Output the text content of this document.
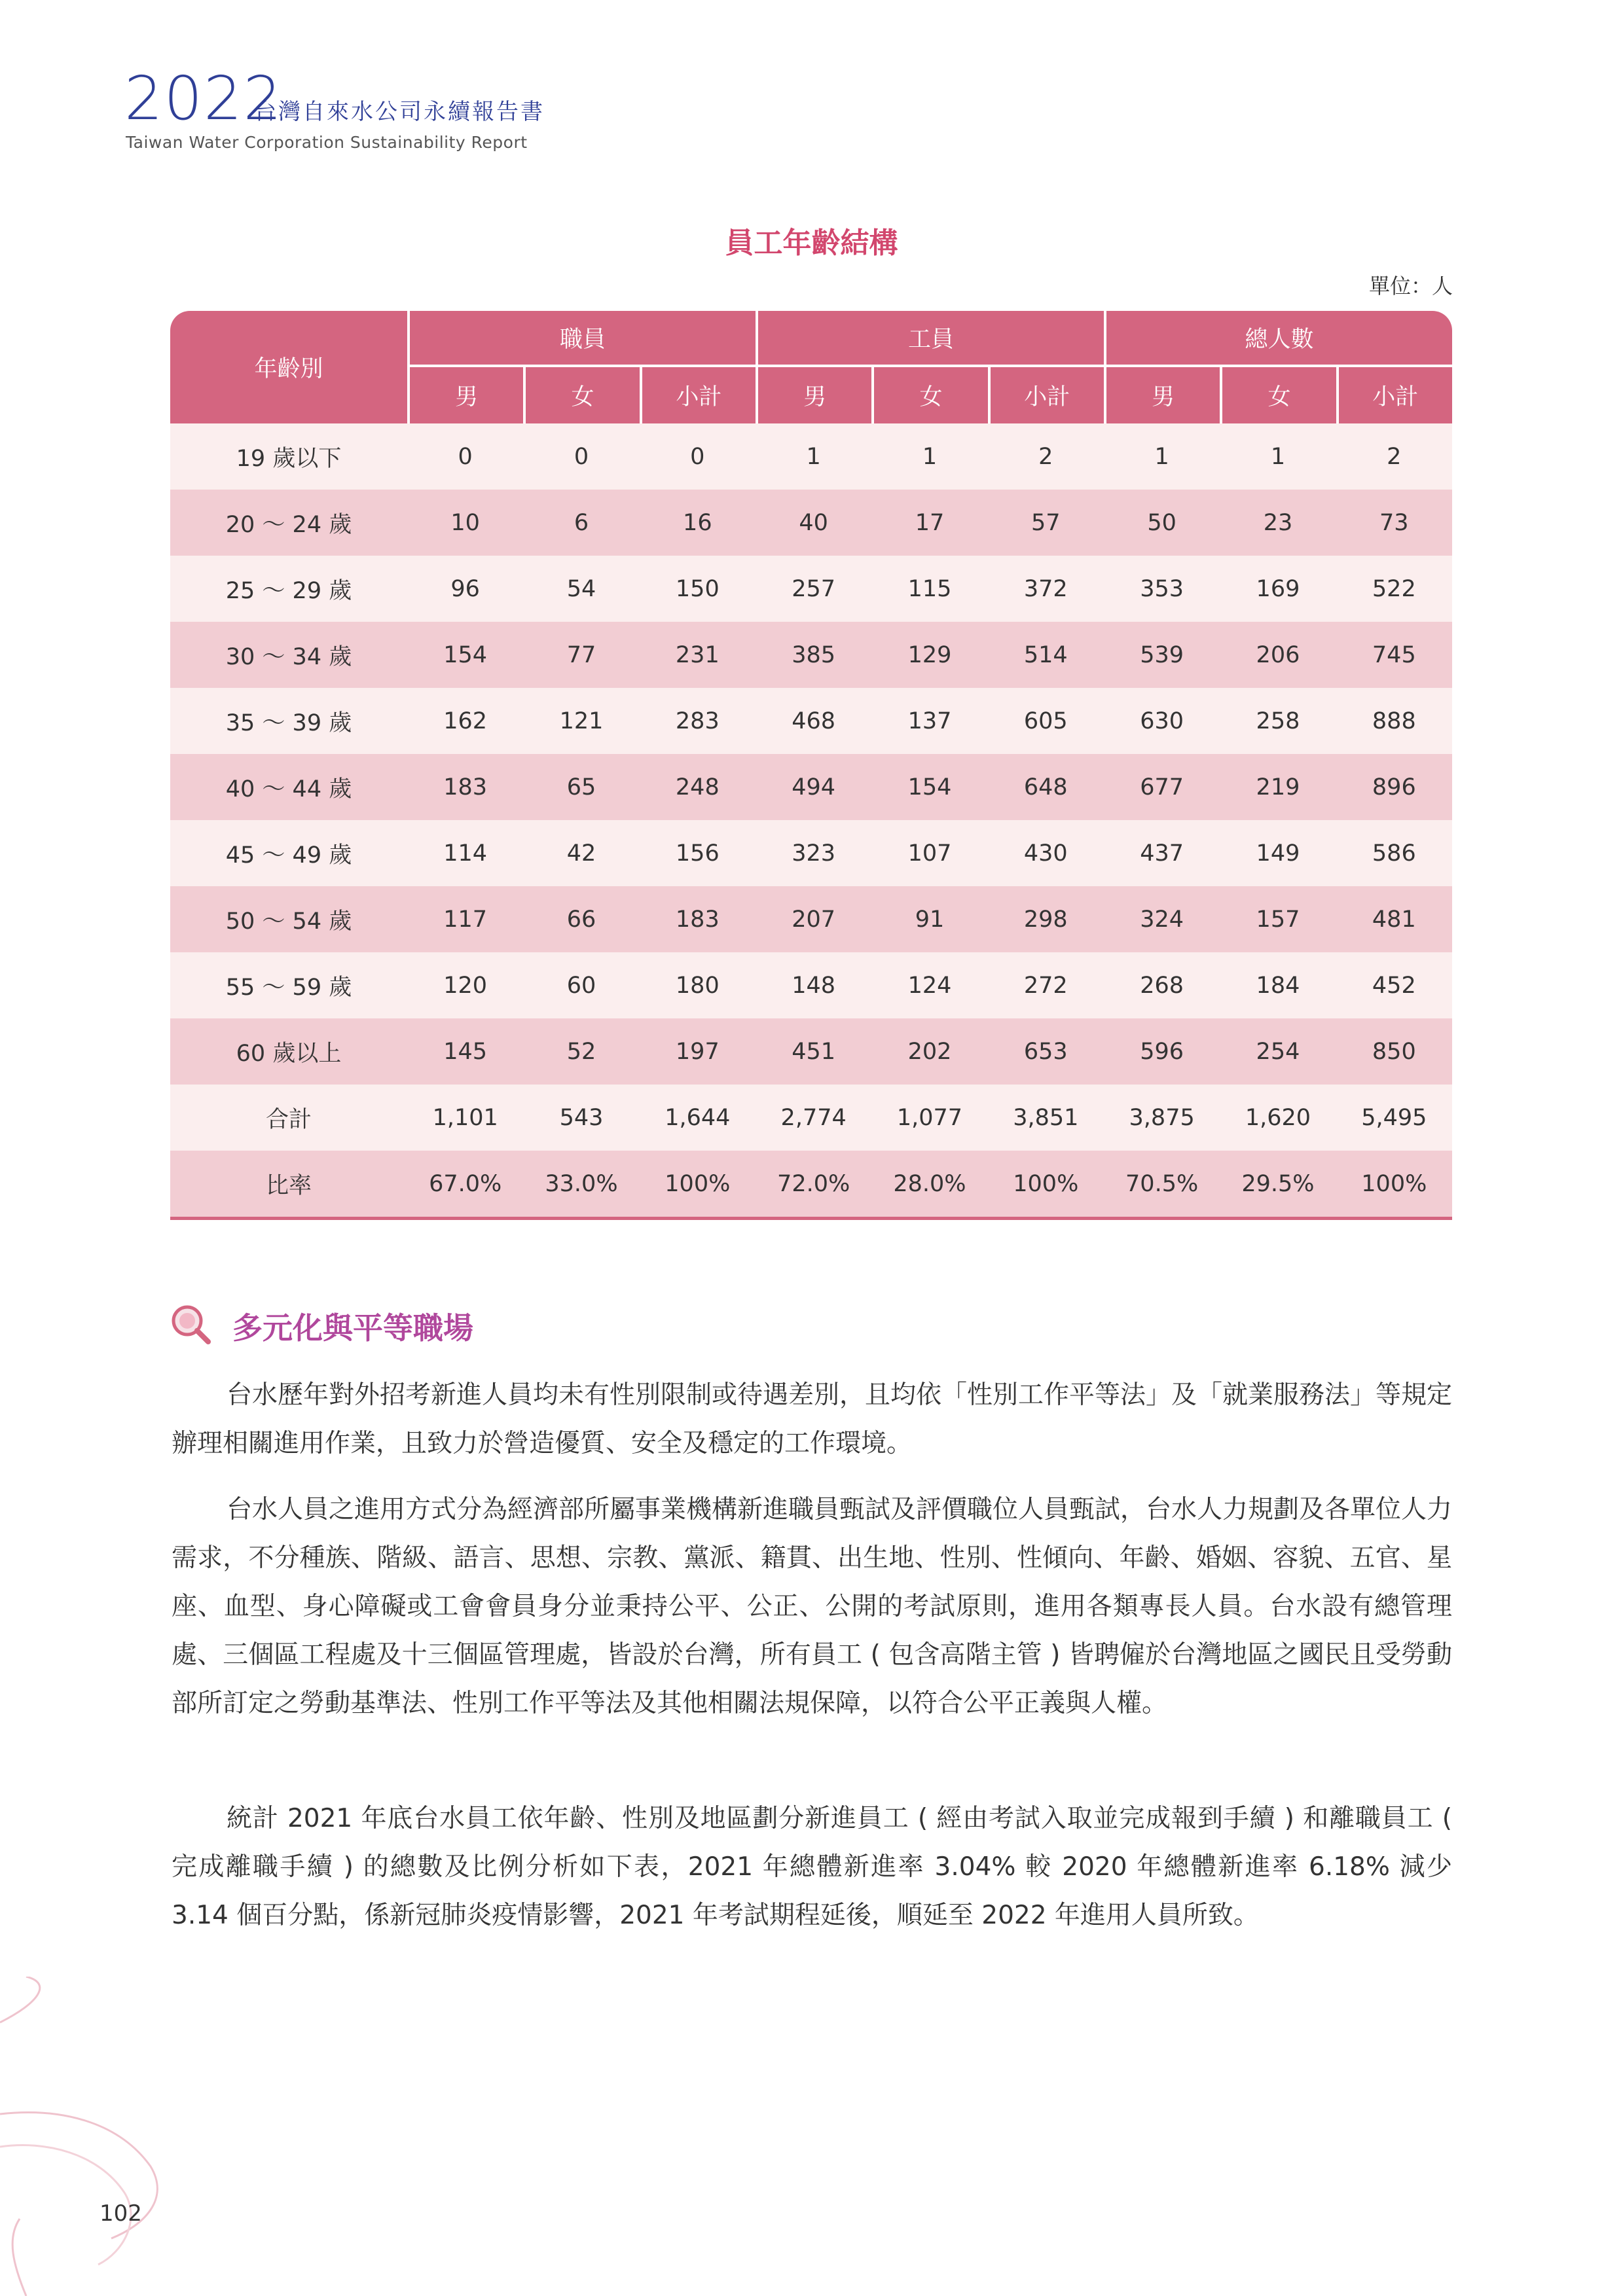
2022
台灣自來水公司永續報告書
Taiwan Water Corporation Sustainability Report
員工年齡結構
單位：人
年齡別	職員			工員			總人數		
	男	女	小計	男	女	小計	男	女	小計
19 歲以下	0	0	0	1	1	2	1	1	2
20 ～ 24 歲	10	6	16	40	17	57	50	23	73
25 ～ 29 歲	96	54	150	257	115	372	353	169	522
30 ～ 34 歲	154	77	231	385	129	514	539	206	745
35 ～ 39 歲	162	121	283	468	137	605	630	258	888
40 ～ 44 歲	183	65	248	494	154	648	677	219	896
45 ～ 49 歲	114	42	156	323	107	430	437	149	586
50 ～ 54 歲	117	66	183	207	91	298	324	157	481
55 ～ 59 歲	120	60	180	148	124	272	268	184	452
60 歲以上	145	52	197	451	202	653	596	254	850
合計	1,101	543	1,644	2,774	1,077	3,851	3,875	1,620	5,495
比率	67.0%	33.0%	100%	72.0%	28.0%	100%	70.5%	29.5%	100%
多元化與平等職場

台水歷年對外招考新進人員均未有性別限制或待遇差別，且均依「性別工作平等法」及「就業服務法」等規定辦理相關進用作業，且致力於營造優質、安全及穩定的工作環境。

台水人員之進用方式分為經濟部所屬事業機構新進職員甄試及評價職位人員甄試，台水人力規劃及各單位人力需求，不分種族、階級、語言、思想、宗教、黨派、籍貫、出生地、性別、性傾向、年齡、婚姻、容貌、五官、星座、血型、身心障礙或工會會員身分並秉持公平、公正、公開的考試原則，進用各類專長人員。台水設有總管理處、三個區工程處及十三個區管理處，皆設於台灣，所有員工 ( 包含高階主管 ) 皆聘僱於台灣地區之國民且受勞動部所訂定之勞動基準法、性別工作平等法及其他相關法規保障，以符合公平正義與人權。

統計 2021 年底台水員工依年齡、性別及地區劃分新進員工 ( 經由考試入取並完成報到手續 ) 和離職員工 ( 完成離職手續 ) 的總數及比例分析如下表，2021 年總體新進率 3.04% 較 2020 年總體新進率 6.18% 減少 3.14 個百分點，係新冠肺炎疫情影響，2021 年考試期程延後，順延至 2022 年進用人員所致。

102
